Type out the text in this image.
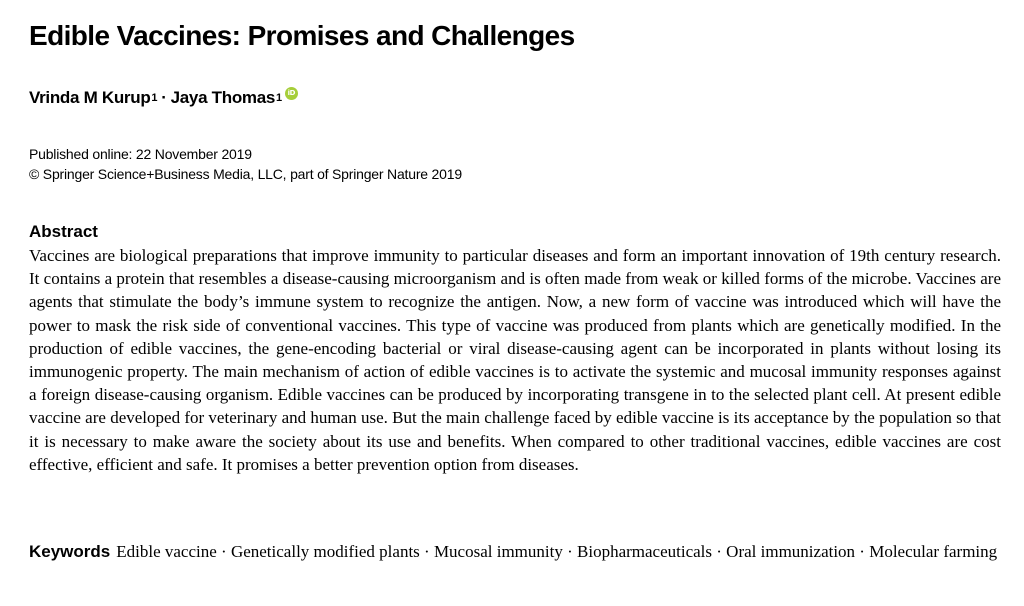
Edible Vaccines: Promises and Challenges
Vrinda M Kurup 1 · Jaya Thomas 1 iD
Published online: 22 November 2019
© Springer Science+Business Media, LLC, part of Springer Nature 2019
Abstract

Vaccines are biological preparations that improve immunity to particular diseases and form an important innovation of 19th century research. It contains a protein that resembles a disease-causing microorganism and is often made from weak or killed forms of the microbe. Vaccines are agents that stimulate the body’s immune system to recognize the antigen. Now, a new form of vaccine was introduced which will have the power to mask the risk side of conventional vaccines. This type of vaccine was produced from plants which are genetically modified. In the production of edible vaccines, the gene-encoding bacterial or viral disease-causing agent can be incorporated in plants without losing its immunogenic property. The main mechanism of action of edible vaccines is to activate the systemic and mucosal immunity responses against a foreign disease-causing organism. Edible vaccines can be produced by incorporating transgene in to the selected plant cell. At present edible vaccine are developed for veterinary and human use. But the main challenge faced by edible vaccine is its acceptance by the population so that it is necessary to make aware the society about its use and benefits. When compared to other traditional vaccines, edible vaccines are cost effective, efficient and safe. It promises a better prevention option from diseases.

Keywords Edible vaccine · Genetically modified plants · Mucosal immunity · Biopharmaceuticals · Oral immunization · Molecular farming
